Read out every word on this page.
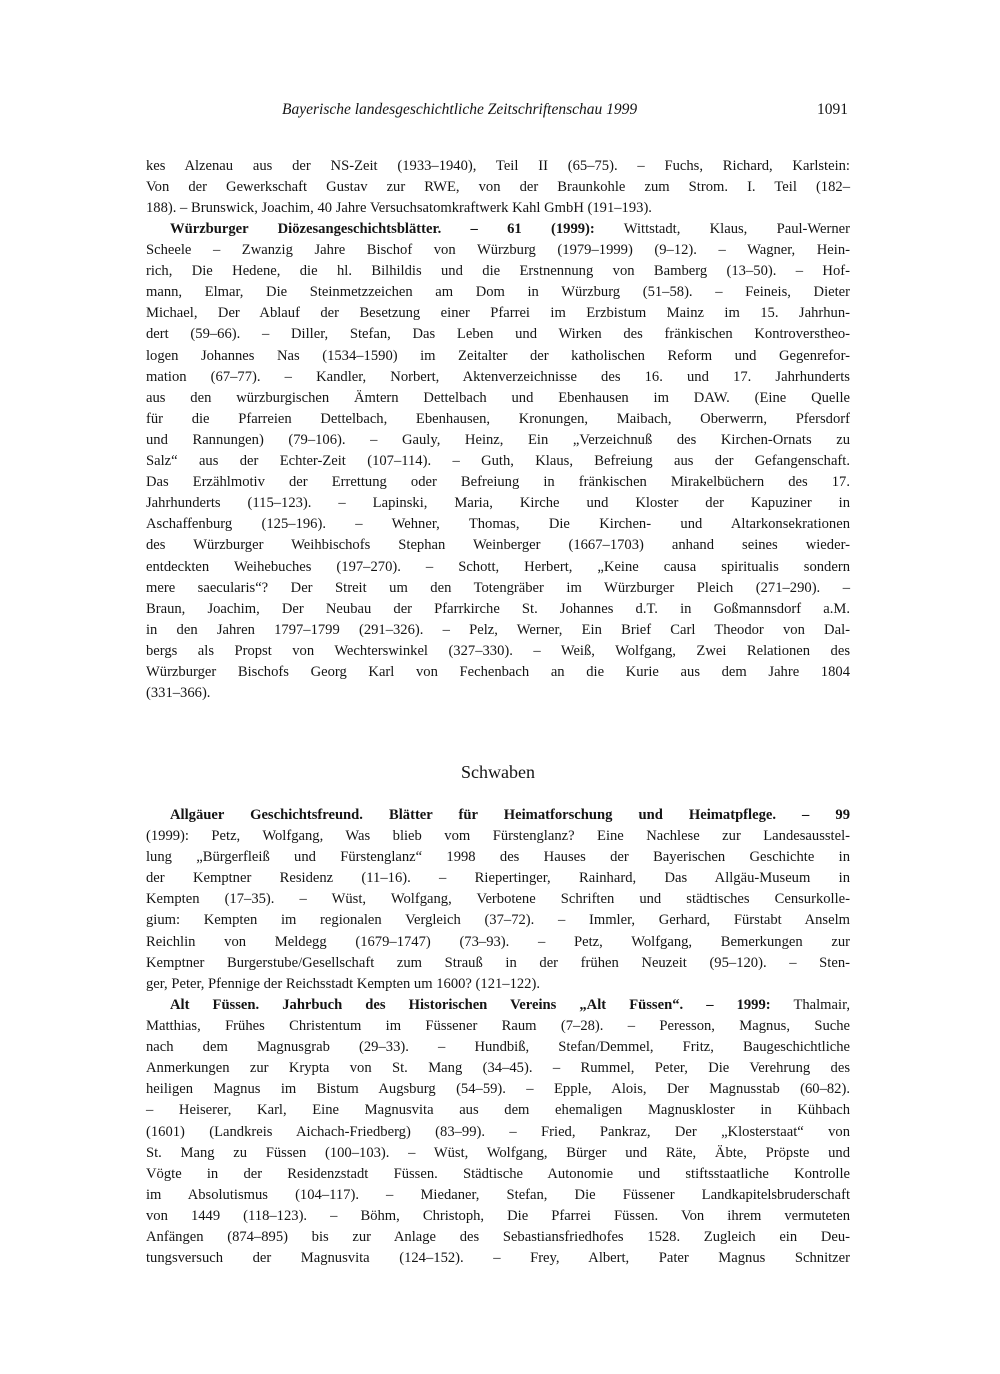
Bayerische landesgeschichtliche Zeitschriftenschau 1999	1091
kes Alzenau aus der NS-Zeit (1933–1940), Teil II (65–75). – Fuchs, Richard, Karlstein:
Von der Gewerkschaft Gustav zur RWE, von der Braunkohle zum Strom. I. Teil (182–
188). – Brunswick, Joachim, 40 Jahre Versuchsatomkraftwerk Kahl GmbH (191–193).
Würzburger Diözesangeschichtsblätter. – 61 (1999): Wittstadt, Klaus, Paul-Werner
Scheele – Zwanzig Jahre Bischof von Würzburg (1979–1999) (9–12). – Wagner, Hein-
rich, Die Hedene, die hl. Bilhildis und die Erstnennung von Bamberg (13–50). – Hof-
mann, Elmar, Die Steinmetzzeichen am Dom in Würzburg (51–58). – Feineis, Dieter
Michael, Der Ablauf der Besetzung einer Pfarrei im Erzbistum Mainz im 15. Jahrhun-
dert (59–66). – Diller, Stefan, Das Leben und Wirken des fränkischen Kontroverstheo-
logen Johannes Nas (1534–1590) im Zeitalter der katholischen Reform und Gegenrefor-
mation (67–77). – Kandler, Norbert, Aktenverzeichnisse des 16. und 17. Jahrhunderts
aus den würzburgischen Ämtern Dettelbach und Ebenhausen im DAW. (Eine Quelle
für die Pfarreien Dettelbach, Ebenhausen, Kronungen, Maibach, Oberwerrn, Pfersdorf
und Rannungen) (79–106). – Gauly, Heinz, Ein „Verzeichnuß des Kirchen-Ornats zu
Salz“ aus der Echter-Zeit (107–114). – Guth, Klaus, Befreiung aus der Gefangenschaft.
Das Erzählmotiv der Errettung oder Befreiung in fränkischen Mirakelbüchern des 17.
Jahrhunderts (115–123). – Lapinski, Maria, Kirche und Kloster der Kapuziner in
Aschaffenburg (125–196). – Wehner, Thomas, Die Kirchen- und Altarkonsekrationen
des Würzburger Weihbischofs Stephan Weinberger (1667–1703) anhand seines wieder-
entdeckten Weihebuches (197–270). – Schott, Herbert, „Keine causa spiritualis sondern
mere saecularis“? Der Streit um den Totengräber im Würzburger Pleich (271–290). –
Braun, Joachim, Der Neubau der Pfarrkirche St. Johannes d.T. in Goßmannsdorf a.M.
in den Jahren 1797–1799 (291–326). – Pelz, Werner, Ein Brief Carl Theodor von Dal-
bergs als Propst von Wechterswinkel (327–330). – Weiß, Wolfgang, Zwei Relationen des
Würzburger Bischofs Georg Karl von Fechenbach an die Kurie aus dem Jahre 1804
(331–366).
Schwaben
Allgäuer Geschichtsfreund. Blätter für Heimatforschung und Heimatpflege. – 99
(1999): Petz, Wolfgang, Was blieb vom Fürstenglanz? Eine Nachlese zur Landesausstel-
lung „Bürgerfleiß und Fürstenglanz“ 1998 des Hauses der Bayerischen Geschichte in
der Kemptner Residenz (11–16). – Riepertinger, Rainhard, Das Allgäu-Museum in
Kempten (17–35). – Wüst, Wolfgang, Verbotene Schriften und städtisches Censurkolle-
gium: Kempten im regionalen Vergleich (37–72). – Immler, Gerhard, Fürstabt Anselm
Reichlin von Meldegg (1679–1747) (73–93). – Petz, Wolfgang, Bemerkungen zur
Kemptner Burgerstube/Gesellschaft zum Strauß in der frühen Neuzeit (95–120). – Sten-
ger, Peter, Pfennige der Reichsstadt Kempten um 1600? (121–122).
Alt Füssen. Jahrbuch des Historischen Vereins „Alt Füssen“. – 1999: Thalmair,
Matthias, Frühes Christentum im Füssener Raum (7–28). – Peresson, Magnus, Suche
nach dem Magnusgrab (29–33). – Hundbiß, Stefan/Demmel, Fritz, Baugeschichtliche
Anmerkungen zur Krypta von St. Mang (34–45). – Rummel, Peter, Die Verehrung des
heiligen Magnus im Bistum Augsburg (54–59). – Epple, Alois, Der Magnusstab (60–82).
– Heiserer, Karl, Eine Magnusvita aus dem ehemaligen Magnuskloster in Kühbach
(1601) (Landkreis Aichach-Friedberg) (83–99). – Fried, Pankraz, Der „Klosterstaat“ von
St. Mang zu Füssen (100–103). – Wüst, Wolfgang, Bürger und Räte, Äbte, Pröpste und
Vögte in der Residenzstadt Füssen. Städtische Autonomie und stiftsstaatliche Kontrolle
im Absolutismus (104–117). – Miedaner, Stefan, Die Füssener Landkapitelsbruderschaft
von 1449 (118–123). – Böhm, Christoph, Die Pfarrei Füssen. Von ihrem vermuteten
Anfängen (874–895) bis zur Anlage des Sebastiansfriedhofes 1528. Zugleich ein Deu-
tungsversuch der Magnusvita (124–152). – Frey, Albert, Pater Magnus Schnitzer
